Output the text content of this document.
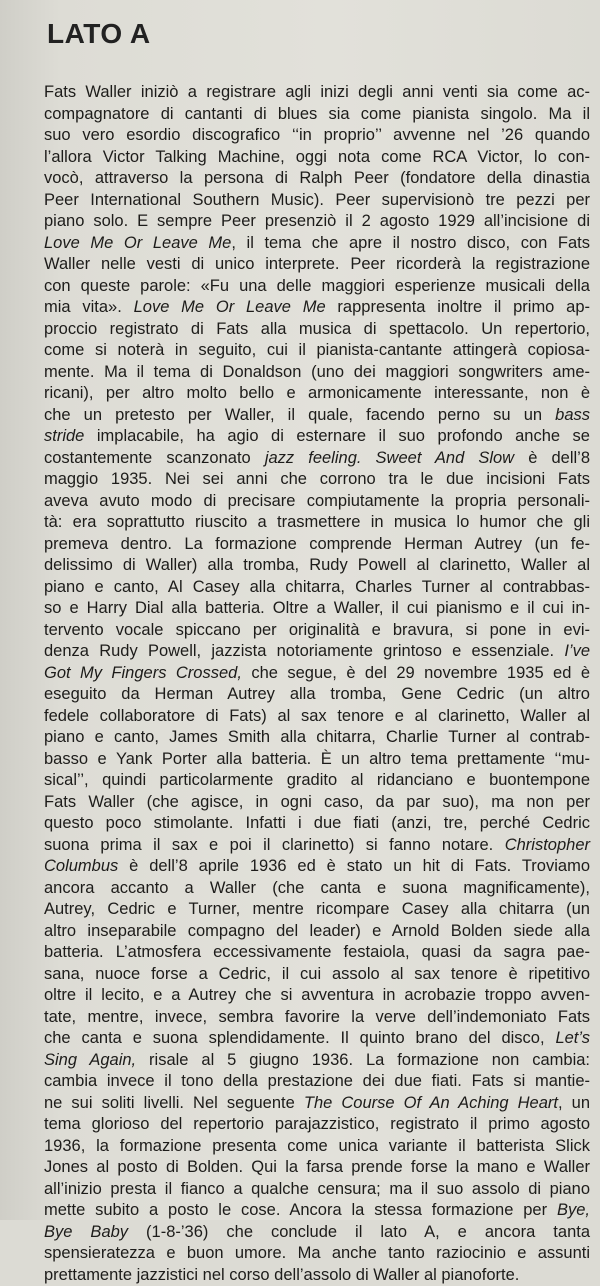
LATO A
Fats Waller iniziò a registrare agli inizi degli anni venti sia come ac-
compagnatore di cantanti di blues sia come pianista singolo. Ma il
suo vero esordio discografico ‘‘in proprio’’ avvenne nel ’26 quando
l’allora Victor Talking Machine, oggi nota come RCA Victor, lo con-
vocò, attraverso la persona di Ralph Peer (fondatore della dinastia
Peer International Southern Music). Peer supervisionò tre pezzi per
piano solo. E sempre Peer presenziò il 2 agosto 1929 all’incisione di
Love Me Or Leave Me, il tema che apre il nostro disco, con Fats
Waller nelle vesti di unico interprete. Peer ricorderà la registrazione
con queste parole: «Fu una delle maggiori esperienze musicali della
mia vita». Love Me Or Leave Me rappresenta inoltre il primo ap-
proccio registrato di Fats alla musica di spettacolo. Un repertorio,
come si noterà in seguito, cui il pianista-cantante attingerà copiosa-
mente. Ma il tema di Donaldson (uno dei maggiori songwriters ame-
ricani), per altro molto bello e armonicamente interessante, non è
che un pretesto per Waller, il quale, facendo perno su un bass
stride implacabile, ha agio di esternare il suo profondo anche se
costantemente scanzonato jazz feeling. Sweet And Slow è dell’8
maggio 1935. Nei sei anni che corrono tra le due incisioni Fats
aveva avuto modo di precisare compiutamente la propria personali-
tà: era soprattutto riuscito a trasmettere in musica lo humor che gli
premeva dentro. La formazione comprende Herman Autrey (un fe-
delissimo di Waller) alla tromba, Rudy Powell al clarinetto, Waller al
piano e canto, Al Casey alla chitarra, Charles Turner al contrabbas-
so e Harry Dial alla batteria. Oltre a Waller, il cui pianismo e il cui in-
tervento vocale spiccano per originalità e bravura, si pone in evi-
denza Rudy Powell, jazzista notoriamente grintoso e essenziale. I’ve
Got My Fingers Crossed, che segue, è del 29 novembre 1935 ed è
eseguito da Herman Autrey alla tromba, Gene Cedric (un altro
fedele collaboratore di Fats) al sax tenore e al clarinetto, Waller al
piano e canto, James Smith alla chitarra, Charlie Turner al contrab-
basso e Yank Porter alla batteria. È un altro tema prettamente ‘‘mu-
sical’’, quindi particolarmente gradito al ridanciano e buontempone
Fats Waller (che agisce, in ogni caso, da par suo), ma non per
questo poco stimolante. Infatti i due fiati (anzi, tre, perché Cedric
suona prima il sax e poi il clarinetto) si fanno notare. Christopher
Columbus è dell’8 aprile 1936 ed è stato un hit di Fats. Troviamo
ancora accanto a Waller (che canta e suona magnificamente),
Autrey, Cedric e Turner, mentre ricompare Casey alla chitarra (un
altro inseparabile compagno del leader) e Arnold Bolden siede alla
batteria. L’atmosfera eccessivamente festaiola, quasi da sagra pae-
sana, nuoce forse a Cedric, il cui assolo al sax tenore è ripetitivo
oltre il lecito, e a Autrey che si avventura in acrobazie troppo avven-
tate, mentre, invece, sembra favorire la verve dell’indemoniato Fats
che canta e suona splendidamente. Il quinto brano del disco, Let’s
Sing Again, risale al 5 giugno 1936. La formazione non cambia:
cambia invece il tono della prestazione dei due fiati. Fats si mantie-
ne sui soliti livelli. Nel seguente The Course Of An Aching Heart, un
tema glorioso del repertorio parajazzistico, registrato il primo agosto
1936, la formazione presenta come unica variante il batterista Slick
Jones al posto di Bolden. Qui la farsa prende forse la mano e Waller
all’inizio presta il fianco a qualche censura; ma il suo assolo di piano
mette subito a posto le cose. Ancora la stessa formazione per Bye,
Bye Baby (1-8-’36) che conclude il lato A, e ancora tanta
spensieratezza e buon umore. Ma anche tanto raziocinio e assunti
prettamente jazzistici nel corso dell’assolo di Waller al pianoforte.
